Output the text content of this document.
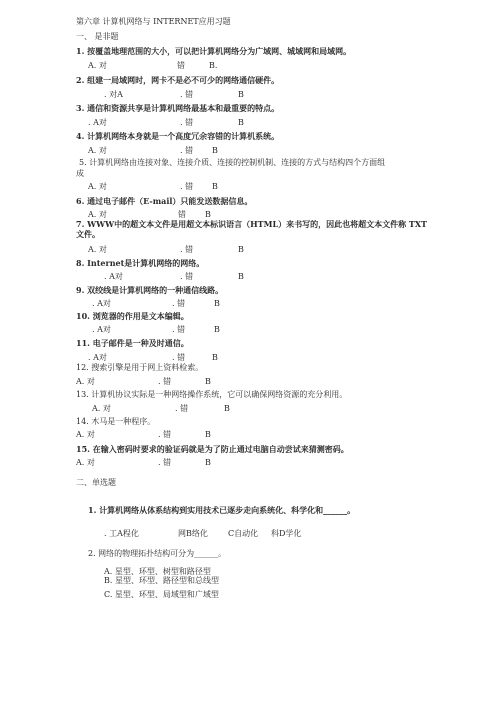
第六章 计算机网络与 INTERNET应用习题
一、 是非题
1. 按覆盖地理范围的大小，可以把计算机网络分为广域网、城域网和局域网。
A. 对	错	B.
2. 组建一局域网时，网卡不是必不可少的网络通信硬件。
. 对A	. 错	B
3. 通信和资源共享是计算机网络最基本和最重要的特点。
. A对	. 错	B
4. 计算机网络本身就是一个高度冗余容错的计算机系统。
A. 对	. 错 B
5. 计算机网络由连接对象、连接介质、连接的控制机制、连接的方式与结构四个方面组
成
A. 对	. 错 B
6. 通过电子邮件（E-mail）只能发送数据信息。
A. 对	错 B
7. WWW中的超文本文件是用超文本标识语言（HTML）来书写的，因此也将超文本文件称 TXT 文件。
A. 对	. 错	B
8. Internet是计算机网络的网络。
. A对	. 错	B
9. 双绞线是计算机网络的一种通信线路。
. A对	. 错	B
10. 浏览器的作用是文本编辑。
. A对	. 错	B
11. 电子邮件是一种及时通信。
. A对	. 错	B
12. 搜索引擎是用于网上资料检索。
A. 对	. 错	B
13. 计算机协议实际是一种网络操作系统，它可以确保网络资源的充分利用。
A. 对	. 错	B
14. 木马是一种程序。
A. 对	. 错	B
15. 在输入密码时要求的验证码就是为了防止通过电脑自动尝试来猜测密码。
A. 对	. 错	B
二、单选题
1. 计算机网络从体系结构到实用技术已逐步走向系统化、科学化和______。
. 工A程化	网B络化	C自动化 科D学化
2. 网络的物理拓扑结构可分为______。
A. 星型、环型、树型和路径型
B. 星型、环型、路径型和总线型
C. 星型、环型、局域型和广域型
